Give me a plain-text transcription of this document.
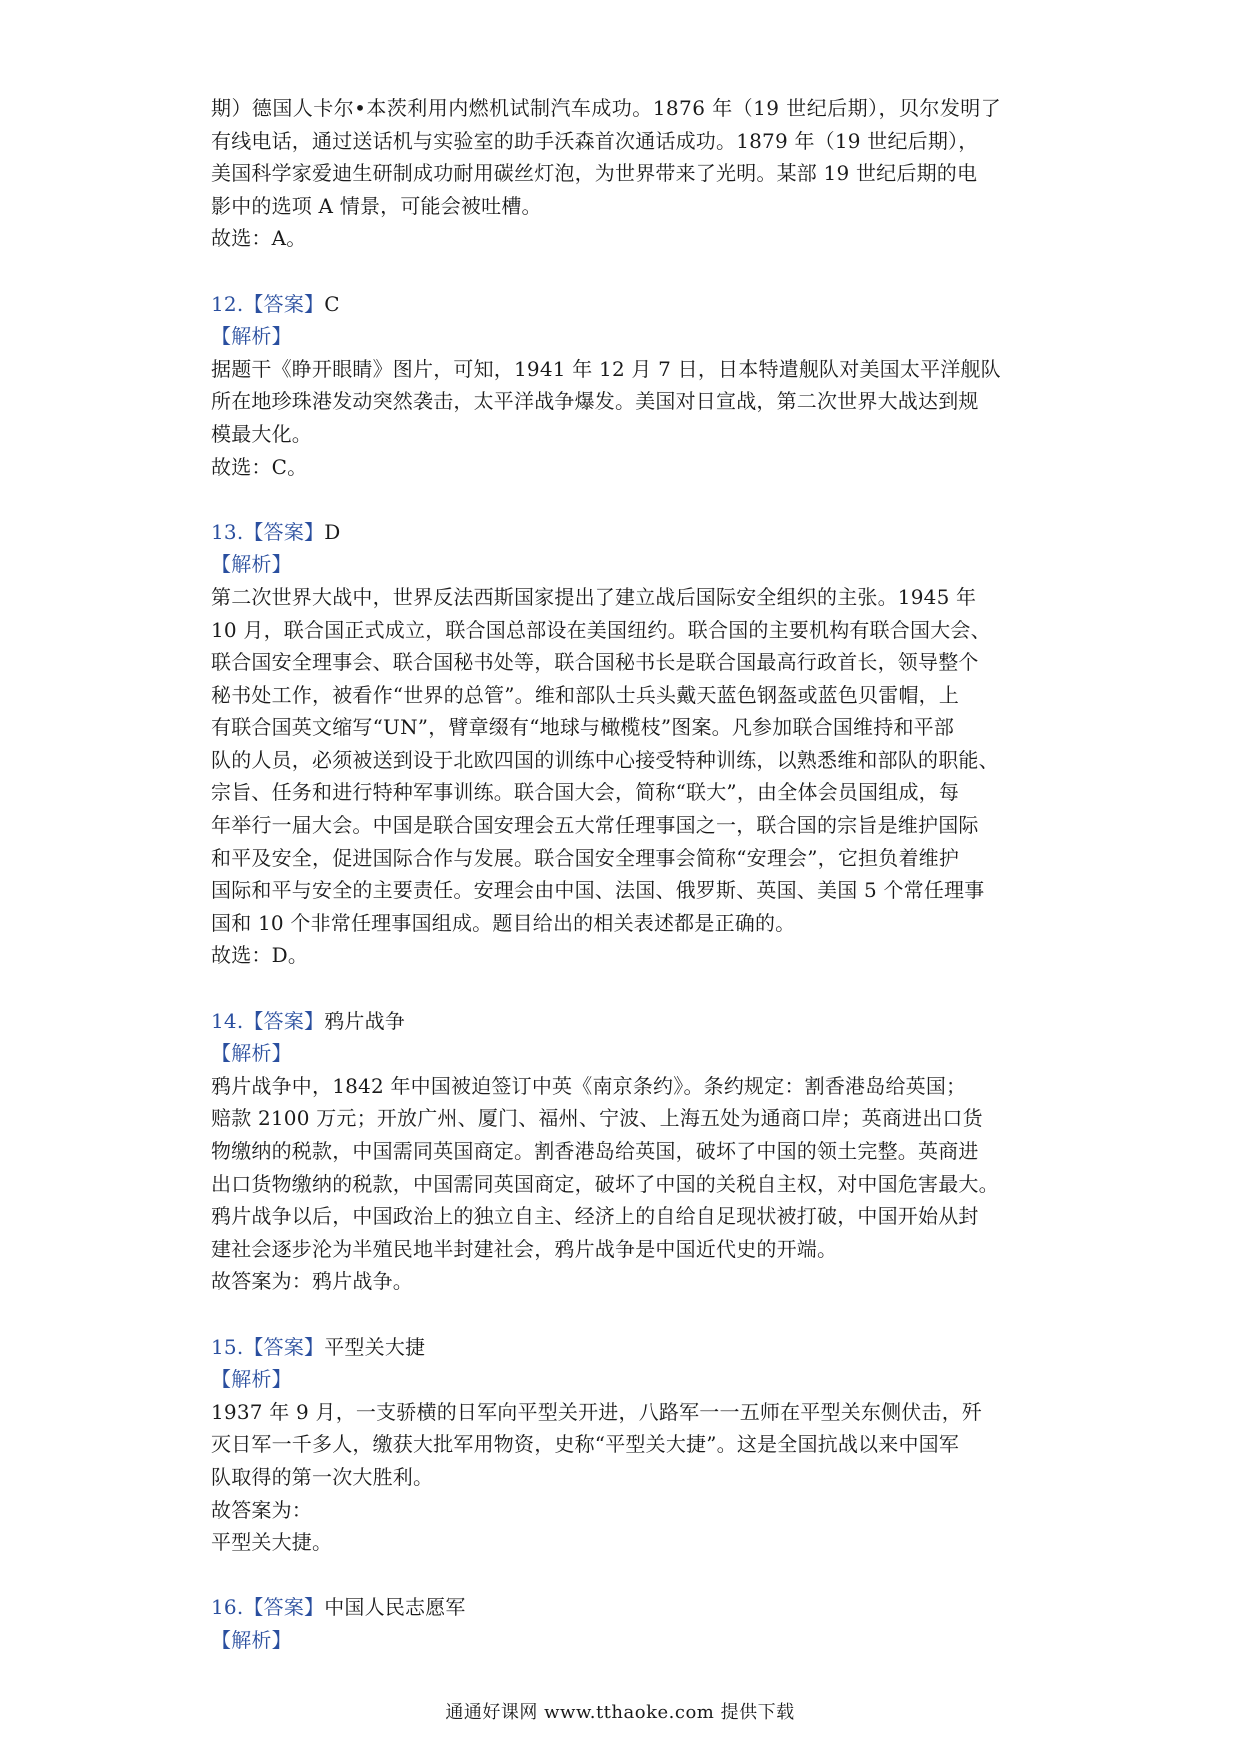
期）德国人卡尔•本茨利用内燃机试制汽车成功。1876 年（19 世纪后期），贝尔发明了
有线电话，通过送话机与实验室的助手沃森首次通话成功。1879 年（19 世纪后期），
美国科学家爱迪生研制成功耐用碳丝灯泡，为世界带来了光明。某部 19 世纪后期的电
影中的选项 A 情景，可能会被吐槽。
故选：A。
12.【答案】C
【解析】
据题干《睁开眼睛》图片，可知，1941 年 12 月 7 日，日本特遣舰队对美国太平洋舰队
所在地珍珠港发动突然袭击，太平洋战争爆发。美国对日宣战，第二次世界大战达到规
模最大化。
故选：C。
13.【答案】D
【解析】
第二次世界大战中，世界反法西斯国家提出了建立战后国际安全组织的主张。1945 年
10 月，联合国正式成立，联合国总部设在美国纽约。联合国的主要机构有联合国大会、
联合国安全理事会、联合国秘书处等，联合国秘书长是联合国最高行政首长，领导整个
秘书处工作，被看作“世界的总管”。维和部队士兵头戴天蓝色钢盔或蓝色贝雷帽，上
有联合国英文缩写“UN”，臂章缀有“地球与橄榄枝”图案。凡参加联合国维持和平部
队的人员，必须被送到设于北欧四国的训练中心接受特种训练，以熟悉维和部队的职能、
宗旨、任务和进行特种军事训练。联合国大会，简称“联大”，由全体会员国组成，每
年举行一届大会。中国是联合国安理会五大常任理事国之一，联合国的宗旨是维护国际
和平及安全，促进国际合作与发展。联合国安全理事会简称“安理会”，它担负着维护
国际和平与安全的主要责任。安理会由中国、法国、俄罗斯、英国、美国 5 个常任理事
国和 10 个非常任理事国组成。题目给出的相关表述都是正确的。
故选：D。
14.【答案】鸦片战争
【解析】
鸦片战争中，1842 年中国被迫签订中英《南京条约》。条约规定：割香港岛给英国；
赔款 2100 万元；开放广州、厦门、福州、宁波、上海五处为通商口岸；英商进出口货
物缴纳的税款，中国需同英国商定。割香港岛给英国，破坏了中国的领土完整。英商进
出口货物缴纳的税款，中国需同英国商定，破坏了中国的关税自主权，对中国危害最大。
鸦片战争以后，中国政治上的独立自主、经济上的自给自足现状被打破，中国开始从封
建社会逐步沦为半殖民地半封建社会，鸦片战争是中国近代史的开端。
故答案为：鸦片战争。
15.【答案】平型关大捷
【解析】
1937 年 9 月，一支骄横的日军向平型关开进，八路军一一五师在平型关东侧伏击，歼
灭日军一千多人，缴获大批军用物资，史称“平型关大捷”。这是全国抗战以来中国军
队取得的第一次大胜利。
故答案为：
平型关大捷。
16.【答案】中国人民志愿军
【解析】
通通好课网 www.tthaoke.com 提供下载
